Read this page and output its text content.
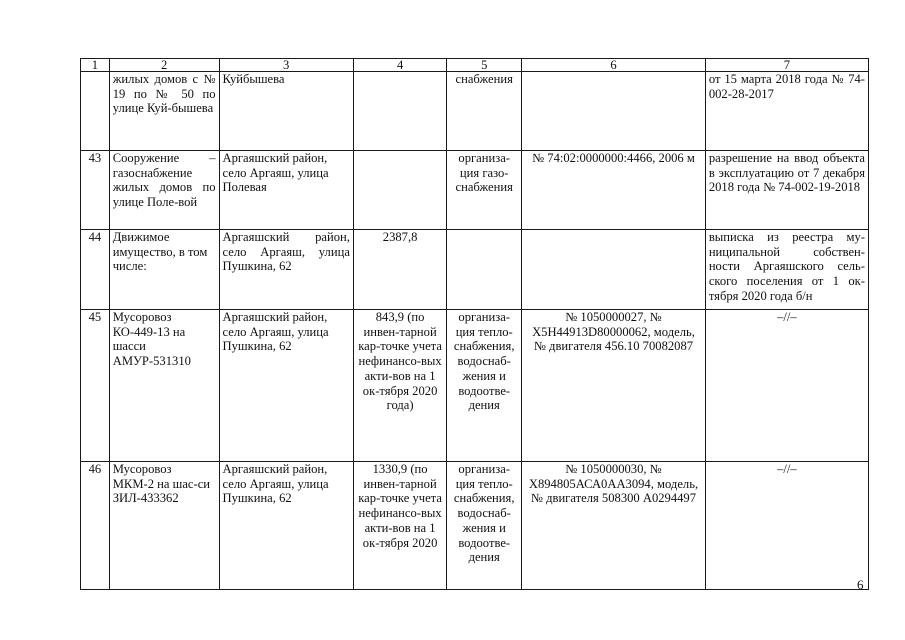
1	2	3	4	5	6	7
	жилых домов с № 19 по № 50 по улице Куй-бышева	Куйбышева		снабжения		от 15 марта 2018 года № 74-002-28-2017
43	Сооружение – газоснабжение жилых домов по улице Поле-вой	Аргаяшский район, село Аргаяш, улица Полевая		организа-ция газо-снабжения	№ 74:02:0000000:4466, 2006 м	разрешение на ввод объекта в эксплуатацию от 7 декабря 2018 года № 74-002-19-2018
44	Движимое имущество, в том числе:	Аргаяшский район, село Аргаяш, улица Пушкина, 62	2387,8			выписка из реестра му-ниципальной собствен-ности Аргаяшского сель-ского поселения от 1 ок-тября 2020 года б/н
45	Мусоровоз КО-449-13 на шасси АМУР-531310	Аргаяшский район, село Аргаяш, улица Пушкина, 62	843,9 (по инвен-тарной кар-точке учета нефинансо-вых акти-вов на 1 ок-тября 2020 года)	организа-ция тепло-снабжения, водоснаб-жения и водоотве-дения	№ 1050000027, № Х5Н44913D80000062, модель, № двигателя 456.10 70082087	–//–
46	Мусоровоз МКМ-2 на шас-си ЗИЛ-433362	Аргаяшский район, село Аргаяш, улица Пушкина, 62	1330,9 (по инвен-тарной кар-точке учета нефинансо-вых акти-вов на 1 ок-тября 2020	организа-ция тепло-снабжения, водоснаб-жения и водоотве-дения	№ 1050000030, № Х894805АСА0АА3094, модель, № двигателя 508300 А0294497	–//–
6
